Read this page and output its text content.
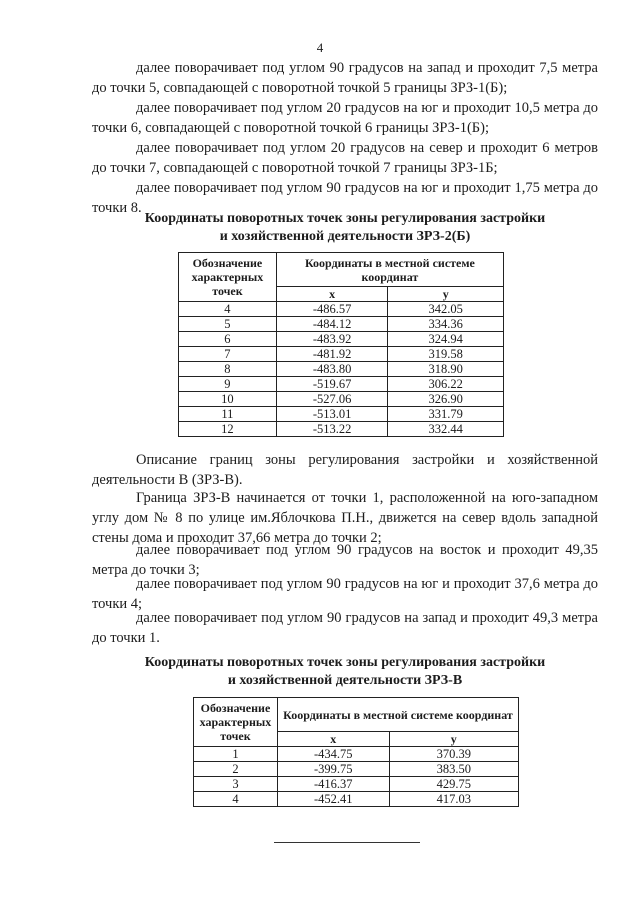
4

далее поворачивает под углом 90 градусов на запад и проходит 7,5 метра до точки 5, совпадающей с поворотной точкой 5 границы ЗРЗ-1(Б);

далее поворачивает под углом 20 градусов на юг и проходит 10,5 метра до точки 6, совпадающей с поворотной точкой 6 границы ЗРЗ-1(Б);

далее поворачивает под углом 20 градусов на север и проходит 6 метров до точки 7, совпадающей с поворотной точкой 7 границы ЗРЗ-1Б;

далее поворачивает под углом 90 градусов на юг и проходит 1,75 метра до точки 8.

Координаты поворотных точек зоны регулирования застройки
и хозяйственной деятельности ЗРЗ-2(Б)
Обозначение характерных точек	Координаты в местной системе координат	
	x	у
4	-486.57	342.05
5	-484.12	334.36
6	-483.92	324.94
7	-481.92	319.58
8	-483.80	318.90
9	-519.67	306.22
10	-527.06	326.90
11	-513.01	331.79
12	-513.22	332.44

Описание границ зоны регулирования застройки и хозяйственной деятельности В (ЗРЗ-В).

Граница ЗРЗ-В начинается от точки 1, расположенной на юго-западном углу дом № 8 по улице им.Яблочкова П.Н., движется на север вдоль западной стены дома и проходит 37,66 метра до точки 2;

далее поворачивает под углом 90 градусов на восток и проходит 49,35 метра до точки 3;

далее поворачивает под углом 90 градусов на юг и проходит 37,6 метра до точки 4;

далее поворачивает под углом 90 градусов на запад и проходит 49,3 метра до точки 1.

Координаты поворотных точек зоны регулирования застройки
и хозяйственной деятельности ЗРЗ-В
Обозначение характерных точек	Координаты в местной системе координат	
	x	у
1	-434.75	370.39
2	-399.75	383.50
3	-416.37	429.75
4	-452.41	417.03
